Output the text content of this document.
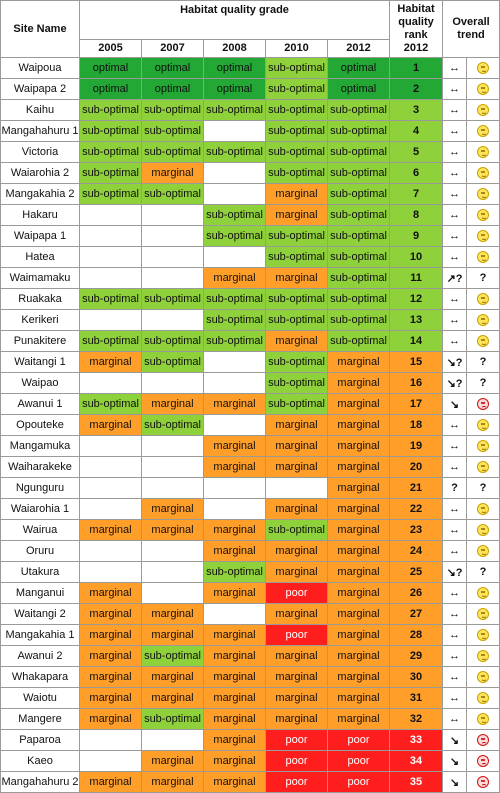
Site Name	Habitat quality grade					Habitat quality rank 2012	Overall trend	
	2005	2007	2008	2010	2012			
Waipoua	optimal	optimal	optimal	sub-optimal	optimal	1	↔	

Waipapa 2	optimal	optimal	optimal	sub-optimal	optimal	2	↔	

Kaihu	sub-optimal	sub-optimal	sub-optimal	sub-optimal	sub-optimal	3	↔	

Mangahahuru 1	sub-optimal	sub-optimal		sub-optimal	sub-optimal	4	↔	

Victoria	sub-optimal	sub-optimal	sub-optimal	sub-optimal	sub-optimal	5	↔	

Waiarohia 2	sub-optimal	marginal		sub-optimal	sub-optimal	6	↔	

Mangakahia 2	sub-optimal	sub-optimal		marginal	sub-optimal	7	↔	

Hakaru			sub-optimal	marginal	sub-optimal	8	↔	

Waipapa 1			sub-optimal	sub-optimal	sub-optimal	9	↔	

Hatea				sub-optimal	sub-optimal	10	↔	

Waimamaku			marginal	marginal	sub-optimal	11	↗?	?
Ruakaka	sub-optimal	sub-optimal	sub-optimal	sub-optimal	sub-optimal	12	↔	

Kerikeri			sub-optimal	sub-optimal	sub-optimal	13	↔	

Punakitere	sub-optimal	sub-optimal	sub-optimal	marginal	sub-optimal	14	↔	

Waitangi 1	marginal	sub-optimal		sub-optimal	marginal	15	↘?	?
Waipao				sub-optimal	marginal	16	↘?	?
Awanui 1	sub-optimal	marginal	marginal	sub-optimal	marginal	17	↘	

Opouteke	marginal	sub-optimal		marginal	marginal	18	↔	

Mangamuka			marginal	marginal	marginal	19	↔	

Waiharakeke			marginal	marginal	marginal	20	↔	

Ngunguru					marginal	21	?	?
Waiarohia 1		marginal		marginal	marginal	22	↔	

Wairua	marginal	marginal	marginal	sub-optimal	marginal	23	↔	

Oruru			marginal	marginal	marginal	24	↔	

Utakura			sub-optimal	marginal	marginal	25	↘?	?
Manganui	marginal		marginal	poor	marginal	26	↔	

Waitangi 2	marginal	marginal		marginal	marginal	27	↔	

Mangakahia 1	marginal	marginal	marginal	poor	marginal	28	↔	

Awanui 2	marginal	sub-optimal	marginal	marginal	marginal	29	↔	

Whakapara	marginal	marginal	marginal	marginal	marginal	30	↔	

Waiotu	marginal	marginal	marginal	marginal	marginal	31	↔	

Mangere	marginal	sub-optimal	marginal	marginal	marginal	32	↔	

Paparoa			marginal	poor	poor	33	↘	

Kaeo		marginal	marginal	poor	poor	34	↘	

Mangahahuru 2	marginal	marginal	marginal	poor	poor	35	↘	
